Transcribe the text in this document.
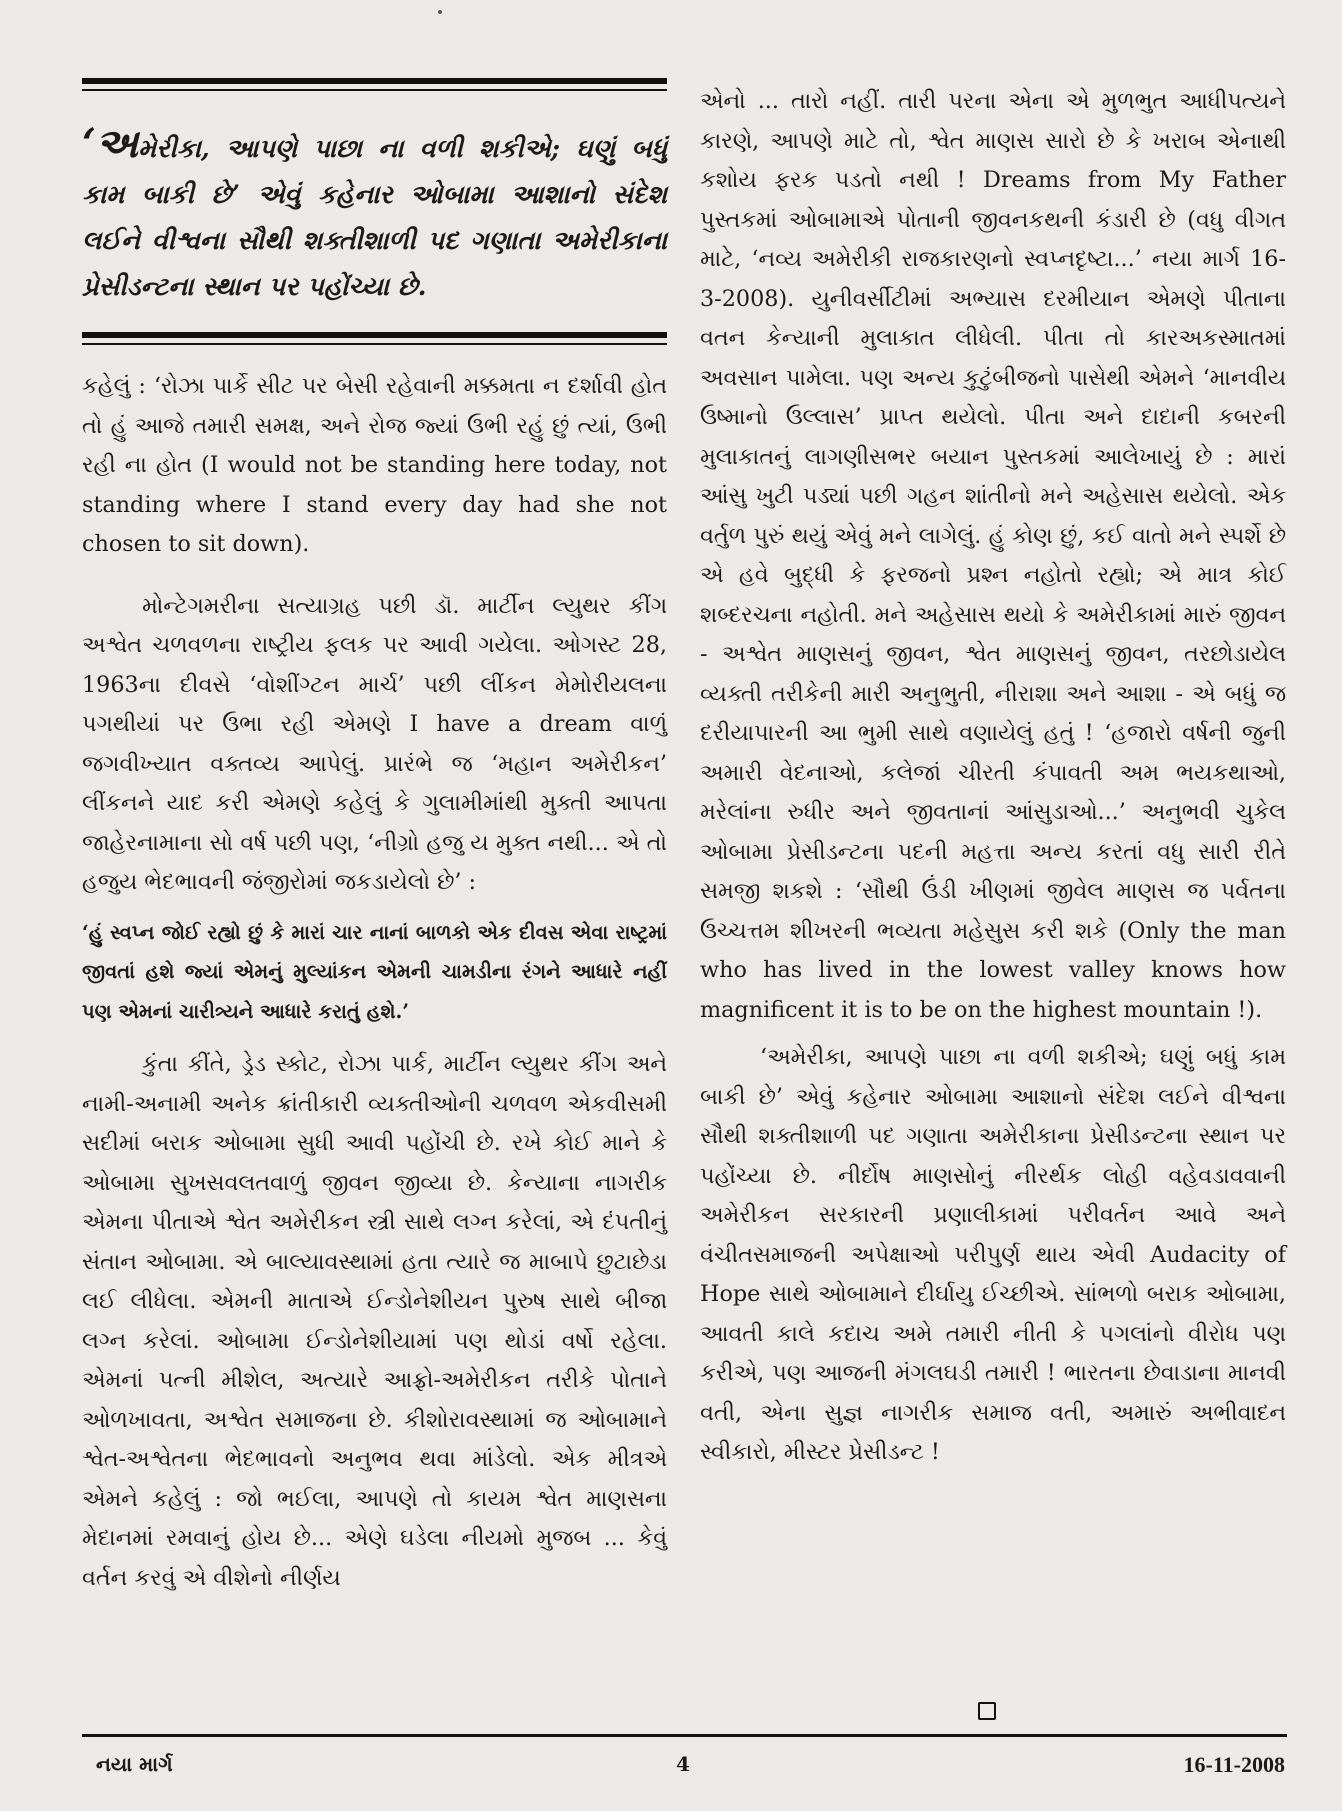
‘અમેરીકા, આપણે પાછા ના વળી શકીએ; ઘણું બધું કામ બાકી છે’ એવું કહેનાર ઓબામા આશાનો સંદેશ લઈને વીશ્વના સૌથી શક્તીશાળી પદ ગણાતા અમેરીકાના પ્રેસીડન્ટના સ્થાન પર પહોંચ્યા છે.

કહેલું : ‘રોઝા પાર્કે સીટ પર બેસી રહેવાની મક્કમતા ન દર્શાવી હોત તો હું આજે તમારી સમક્ષ, અને રોજ જ્યાં ઉભી રહું છું ત્યાં, ઉભી રહી ના હોત (I would not be standing here today, not standing where I stand every day had she not chosen to sit down).

મોન્ટેગમરીના સત્યાગ્રહ પછી ડૉ. માર્ટીન લ્યુથર કીંગ અશ્વેત ચળવળના રાષ્ટ્રીય ફલક પર આવી ગયેલા. ઓગસ્ટ 28, 1963ના દીવસે ‘વોશીંગ્ટન માર્ચ’ પછી લીંકન મેમોરીયલના પગથીયાં પર ઉભા રહી એમણે I have a dream વાળું જગવીખ્યાત વક્તવ્ય આપેલું. પ્રારંભે જ ‘મહાન અમેરીકન’ લીંકનને યાદ કરી એમણે કહેલું કે ગુલામીમાંથી મુક્તી આપતા જાહેરનામાના સો વર્ષ પછી પણ, ‘નીગ્રો હજુ ય મુક્ત નથી... એ તો હજુય ભેદભાવની જંજીરોમાં જકડાયેલો છે’ :

‘હું સ્વપ્ન જોઈ રહ્યો છું કે મારાં ચાર નાનાં બાળકો એક દીવસ એવા રાષ્ટ્રમાં જીવતાં હશે જ્યાં એમનું મુલ્યાંકન એમની ચામડીના રંગને આધારે નહીં પણ એમનાં ચારીત્ર્યને આધારે કરાતું હશે.’

કુંતા કીંતે, ડ્રેડ સ્કોટ, રોઝા પાર્ક, માર્ટીન લ્યુથર કીંગ અને નામી-અનામી અનેક ક્રાંતીકારી વ્યક્તીઓની ચળવળ એકવીસમી સદીમાં બરાક ઓબામા સુધી આવી પહોંચી છે. રખે કોઈ માને કે ઓબામા સુખસવલતવાળું જીવન જીવ્યા છે. કેન્યાના નાગરીક એમના પીતાએ શ્વેત અમેરીકન સ્ત્રી સાથે લગ્ન કરેલાં, એ દંપતીનું સંતાન ઓબામા. એ બાલ્યાવસ્થામાં હતા ત્યારે જ માબાપે છુટાછેડા લઈ લીધેલા. એમની માતાએ ઈન્ડોનેશીયન પુરુષ સાથે બીજા લગ્ન કરેલાં. ઓબામા ઈન્ડોનેશીયામાં પણ થોડાં વર્ષો રહેલા. એમનાં પત્ની મીશેલ, અત્યારે આફ્રો-અમેરીકન તરીકે પોતાને ઓળખાવતા, અશ્વેત સમાજના છે. કીશોરાવસ્થામાં જ ઓબામાને શ્વેત-અશ્વેતના ભેદભાવનો અનુભવ થવા માંડેલો. એક મીત્રએ એમને કહેલું : જો ભઈલા, આપણે તો કાયમ શ્વેત માણસના મેદાનમાં રમવાનું હોય છે... એણે ઘડેલા નીયમો મુજબ ... કેવું વર્તન કરવું એ વીશેનો નીર્ણય

એનો ... તારો નહીં. તારી પરના એના એ મુળભુત આધીપત્યને કારણે, આપણે માટે તો, શ્વેત માણસ સારો છે કે ખરાબ એનાથી કશોય ફરક પડતો નથી ! Dreams from My Father પુસ્તકમાં ઓબામાએ પોતાની જીવનકથની કંડારી છે (વધુ વીગત માટે, ‘નવ્ય અમેરીકી રાજકારણનો સ્વપ્નદૃષ્ટા...’ નયા માર્ગ 16-3-2008). યુનીવર્સીટીમાં અભ્યાસ દરમીયાન એમણે પીતાના વતન કેન્યાની મુલાકાત લીધેલી. પીતા તો કારઅકસ્માતમાં અવસાન પામેલા. પણ અન્ય કુટુંબીજનો પાસેથી એમને ‘માનવીય ઉષ્માનો ઉલ્લાસ’ પ્રાપ્ત થયેલો. પીતા અને દાદાની કબરની મુલાકાતનું લાગણીસભર બયાન પુસ્તકમાં આલેખાયું છે : મારાં આંસુ ખુટી પડ્યાં પછી ગહન શાંતીનો મને અહેસાસ થયેલો. એક વર્તુળ પુરું થયું એવું મને લાગેલું. હું કોણ છું, કઈ વાતો મને સ્પર્શે છે એ હવે બુદ્ધી કે ફરજનો પ્રશ્ન નહોતો રહ્યો; એ માત્ર કોઈ શબ્દરચના નહોતી. મને અહેસાસ થયો કે અમેરીકામાં મારું જીવન - અશ્વેત માણસનું જીવન, શ્વેત માણસનું જીવન, તરછોડાયેલ વ્યક્તી તરીકેની મારી અનુભુતી, નીરાશા અને આશા - એ બધું જ દરીયાપારની આ ભુમી સાથે વણાયેલું હતું ! ‘હજારો વર્ષની જુની અમારી વેદનાઓ, કલેજાં ચીરતી કંપાવતી અમ ભયકથાઓ, મરેલાંના રુધીર અને જીવતાનાં આંસુડાઓ...’ અનુભવી ચુકેલ ઓબામા પ્રેસીડન્ટના પદની મહત્તા અન્ય કરતાં વધુ સારી રીતે સમજી શકશે : ‘સૌથી ઉંડી ખીણમાં જીવેલ માણસ જ પર્વતના ઉચ્ચત્તમ શીખરની ભવ્યતા મહેસુસ કરી શકે (Only the man who has lived in the lowest valley knows how magnificent it is to be on the highest mountain !).

‘અમેરીકા, આપણે પાછા ના વળી શકીએ; ઘણું બધું કામ બાકી છે’ એવું કહેનાર ઓબામા આશાનો સંદેશ લઈને વીશ્વના સૌથી શક્તીશાળી પદ ગણાતા અમેરીકાના પ્રેસીડન્ટના સ્થાન પર પહોંચ્યા છે. નીર્દોષ માણસોનું નીરર્થક લોહી વહેવડાવવાની અમેરીકન સરકારની પ્રણાલીકામાં પરીવર્તન આવે અને વંચીતસમાજની અપેક્ષાઓ પરીપુર્ણ થાય એવી Audacity of Hope સાથે ઓબામાને દીર્ઘાયુ ઈચ્છીએ. સાંભળો બરાક ઓબામા, આવતી કાલે કદાચ અમે તમારી નીતી કે પગલાંનો વીરોધ પણ કરીએ, પણ આજની મંગલઘડી તમારી ! ભારતના છેવાડાના માનવી વતી, એના સુજ્ઞ નાગરીક સમાજ વતી, અમારું અભીવાદન સ્વીકારો, મીસ્ટર પ્રેસીડન્ટ !

નયા માર્ગ	4	16-11-2008
